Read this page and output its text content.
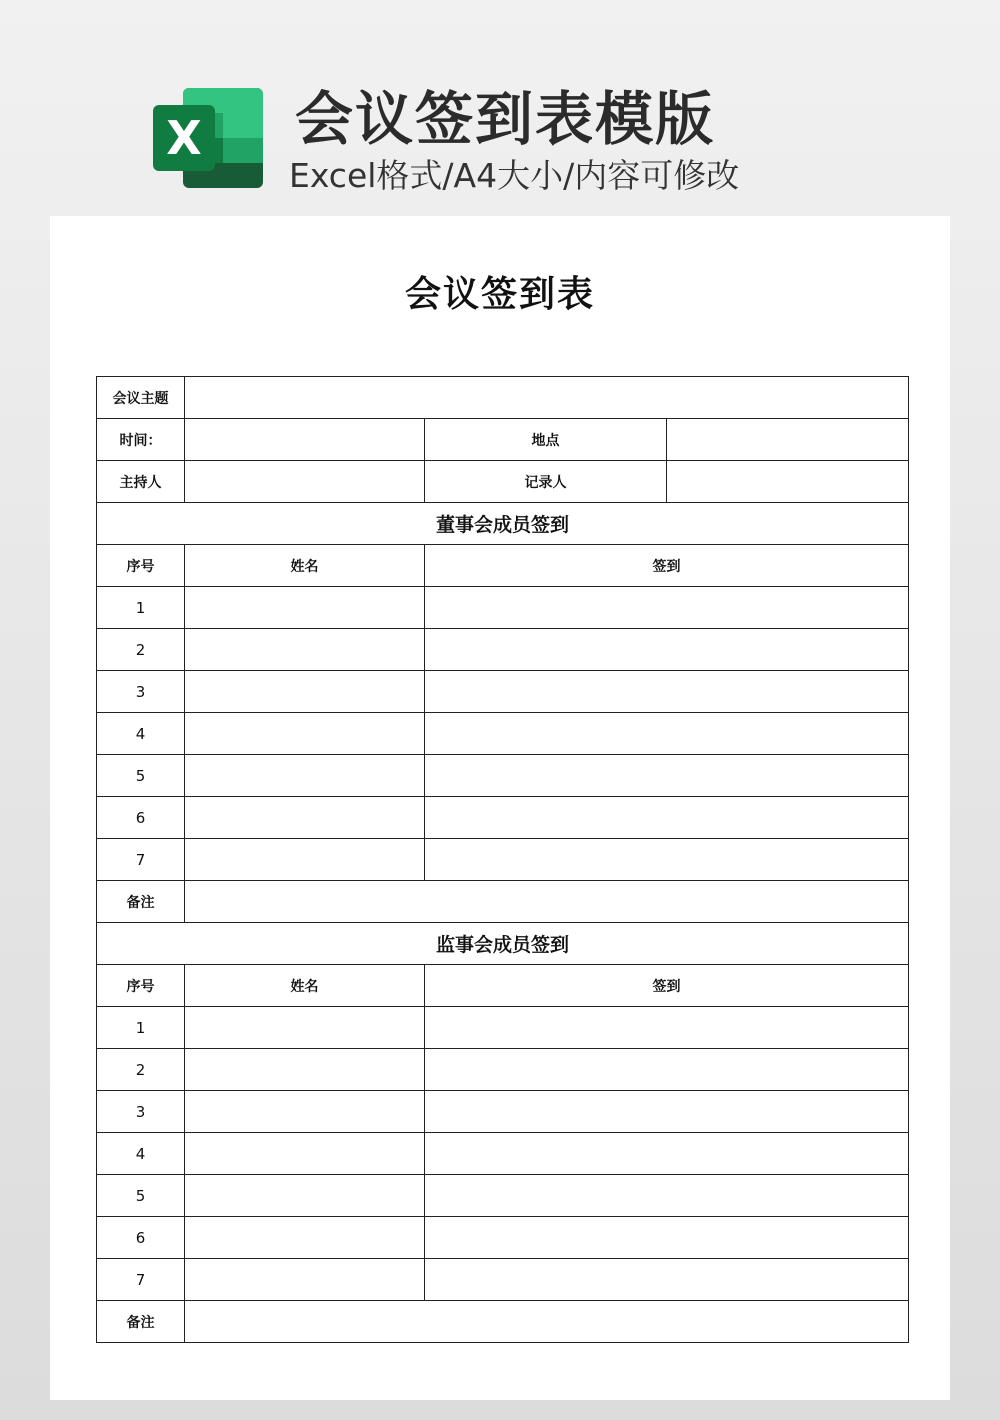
X 会议签到表模版
Excel格式/A4大小/内容可修改
会议签到表
会议主题			
时间：		地点	
主持人		记录人	
董事会成员签到			
序号	姓名	签到	
1			
2			
3			
4			
5			
6			
7			
备注			
监事会成员签到			
序号	姓名	签到	
1			
2			
3			
4			
5			
6			
7			
备注			
